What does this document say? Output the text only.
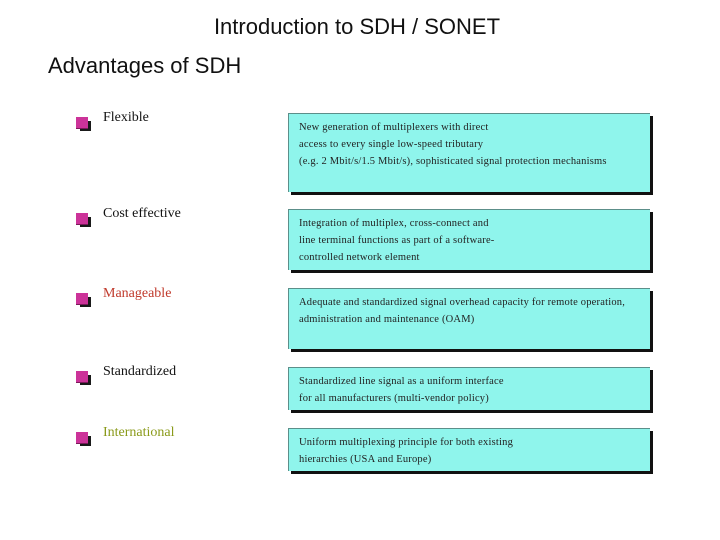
Introduction to SDH / SONET
Advantages of SDH
Flexible
New generation of multiplexers with direct
access to every single low-speed tributary
(e.g. 2 Mbit/s/1.5 Mbit/s), sophisticated signal protection mechanisms
Cost effective
Integration of multiplex, cross-connect and
line terminal functions as part of a software-
controlled network element
Manageable
Adequate and standardized signal overhead capacity for remote operation,
administration and maintenance (OAM)
Standardized
Standardized line signal as a uniform interface
for all manufacturers (multi-vendor policy)
International
Uniform multiplexing principle for both existing
hierarchies (USA and Europe)
